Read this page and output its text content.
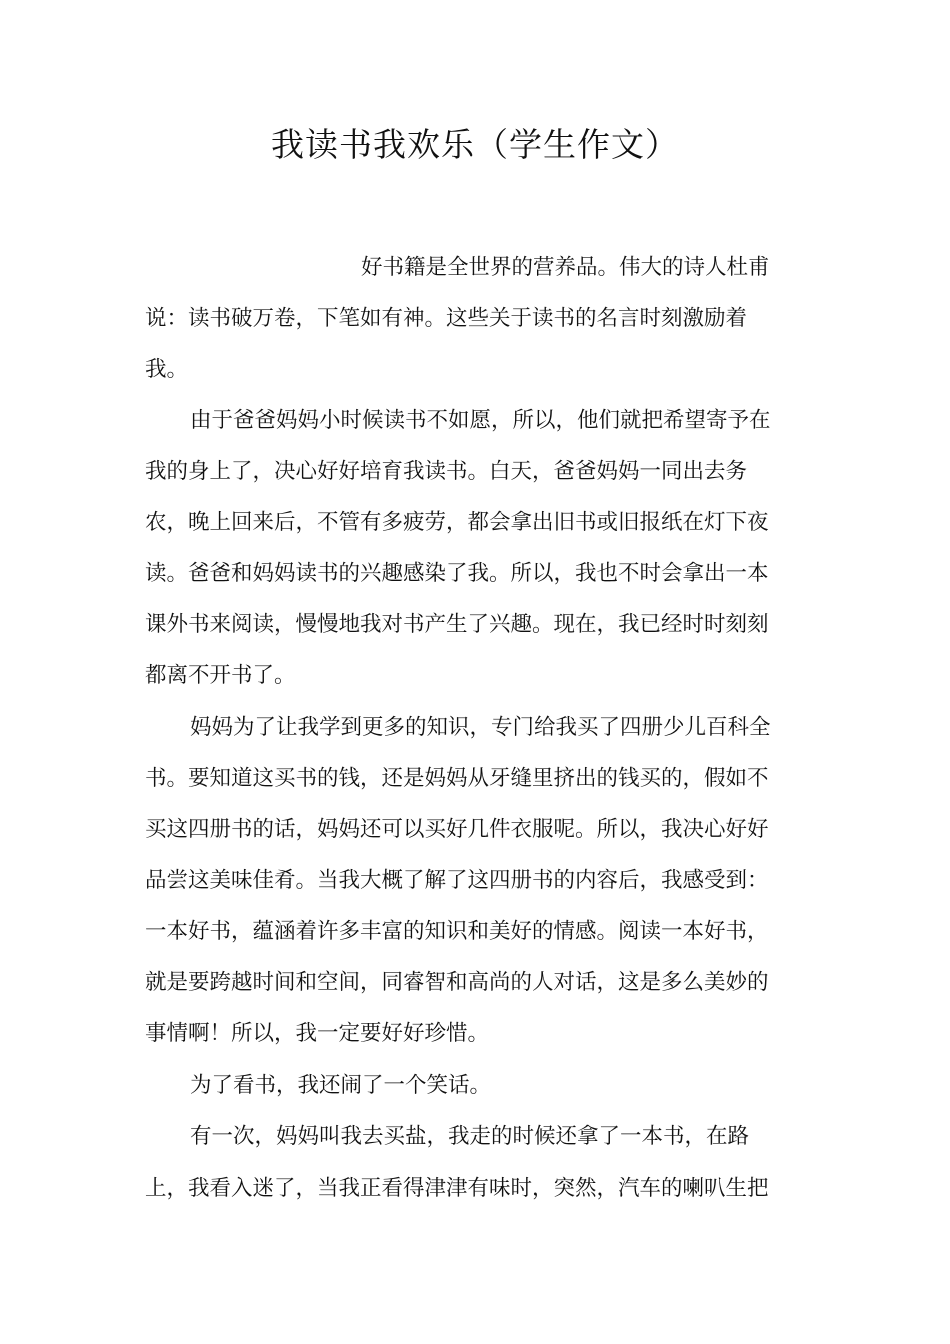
我读书我欢乐（学生作文）
好书籍是全世界的营养品。伟大的诗人杜甫
说：读书破万卷，下笔如有神。这些关于读书的名言时刻激励着
我。
由于爸爸妈妈小时候读书不如愿，所以，他们就把希望寄予在
我的身上了，决心好好培育我读书。白天，爸爸妈妈一同出去务
农，晚上回来后，不管有多疲劳，都会拿出旧书或旧报纸在灯下夜
读。爸爸和妈妈读书的兴趣感染了我。所以，我也不时会拿出一本
课外书来阅读，慢慢地我对书产生了兴趣。现在，我已经时时刻刻
都离不开书了。
妈妈为了让我学到更多的知识，专门给我买了四册少儿百科全
书。要知道这买书的钱，还是妈妈从牙缝里挤出的钱买的，假如不
买这四册书的话，妈妈还可以买好几件衣服呢。所以，我决心好好
品尝这美味佳肴。当我大概了解了这四册书的内容后，我感受到：
一本好书，蕴涵着许多丰富的知识和美好的情感。阅读一本好书，
就是要跨越时间和空间，同睿智和高尚的人对话，这是多么美妙的
事情啊！所以，我一定要好好珍惜。
为了看书，我还闹了一个笑话。
有一次，妈妈叫我去买盐，我走的时候还拿了一本书，在路
上，我看入迷了，当我正看得津津有味时，突然，汽车的喇叭生把
